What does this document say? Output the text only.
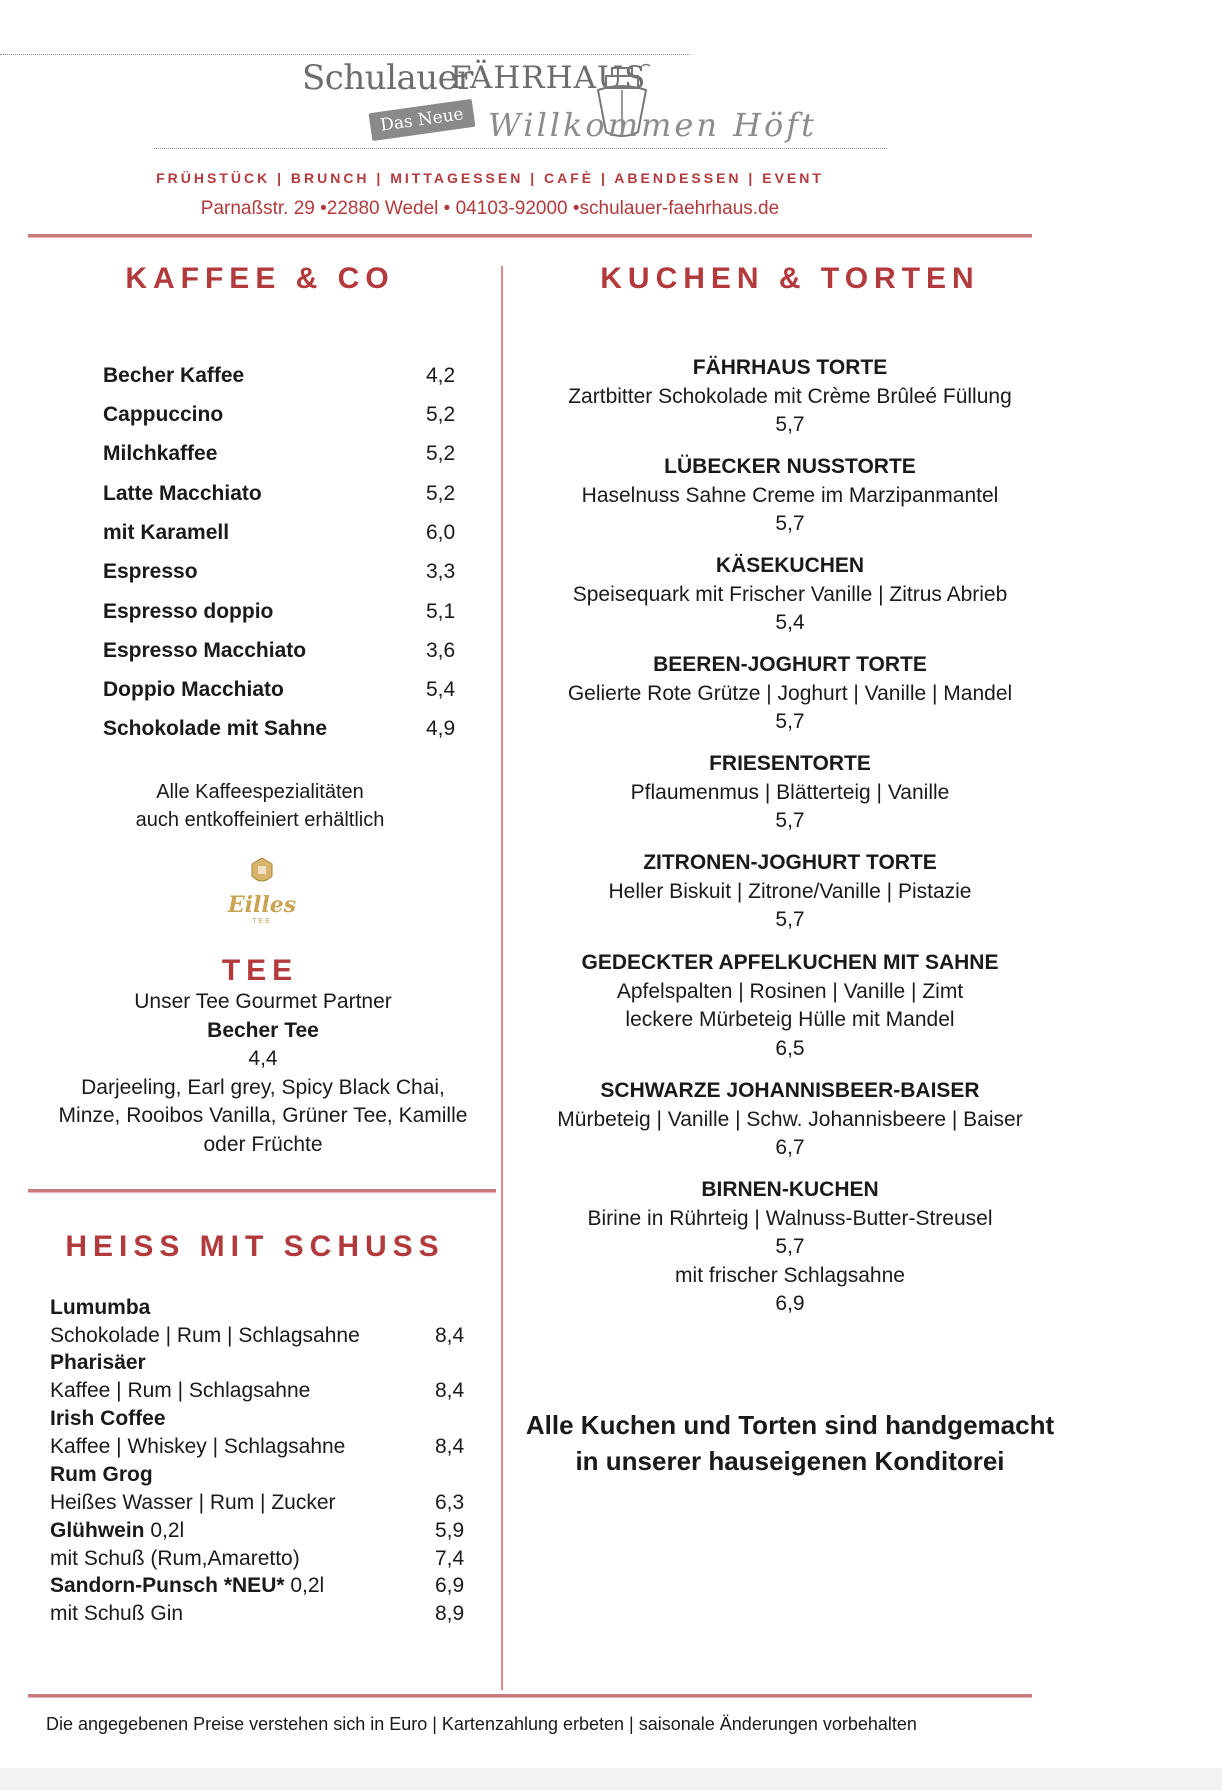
Schulauer
FÄHRHAUS
Das Neue Willkommen Höft
FRÜHSTÜCK | BRUNCH | MITTAGESSEN | CAFÈ | ABENDESSEN | EVENT
Parnaßstr. 29 •22880 Wedel • 04103-92000 •schulauer-faehrhaus.de
KAFFEE & CO
Becher Kaffee	4,2
Cappuccino	5,2
Milchkaffee	5,2
Latte Macchiato	5,2
mit Karamell	6,0
Espresso	3,3
Espresso doppio	5,1
Espresso Macchiato	3,6
Doppio Macchiato	5,4
Schokolade mit Sahne	4,9
Alle Kaffeespezialitäten
auch entkoffeiniert erhältlich
Eilles
TEE
TEE
Unser Tee Gourmet Partner
Becher Tee
4,4
Darjeeling, Earl grey, Spicy Black Chai,
Minze, Rooibos Vanilla, Grüner Tee, Kamille
oder Früchte
HEISS MIT SCHUSS
Lumumba
Schokolade | Rum | Schlagsahne	8,4
Pharisäer
Kaffee | Rum | Schlagsahne	8,4
Irish Coffee
Kaffee | Whiskey | Schlagsahne	8,4
Rum Grog
Heißes Wasser | Rum | Zucker	6,3
Glühwein 0,2l	5,9
mit Schuß (Rum,Amaretto)	7,4
Sandorn-Punsch *NEU* 0,2l	6,9
mit Schuß Gin	8,9
KUCHEN & TORTEN
FÄHRHAUS TORTE
Zartbitter Schokolade mit Crème Brûleé Füllung
5,7
LÜBECKER NUSSTORTE
Haselnuss Sahne Creme im Marzipanmantel
5,7
KÄSEKUCHEN
Speisequark mit Frischer Vanille | Zitrus Abrieb
5,4
BEEREN-JOGHURT TORTE
Gelierte Rote Grütze | Joghurt | Vanille | Mandel
5,7
FRIESENTORTE
Pflaumenmus | Blätterteig | Vanille
5,7
ZITRONEN-JOGHURT TORTE
Heller Biskuit | Zitrone/Vanille | Pistazie
5,7
GEDECKTER APFELKUCHEN MIT SAHNE
Apfelspalten | Rosinen | Vanille | Zimt
leckere Mürbeteig Hülle mit Mandel
6,5
SCHWARZE JOHANNISBEER-BAISER
Mürbeteig | Vanille | Schw. Johannisbeere | Baiser
6,7
BIRNEN-KUCHEN
Birine in Rührteig | Walnuss-Butter-Streusel
5,7
mit frischer Schlagsahne
6,9
Alle Kuchen und Torten sind handgemacht
in unserer hauseigenen Konditorei
Die angegebenen Preise verstehen sich in Euro | Kartenzahlung erbeten | saisonale Änderungen vorbehalten
